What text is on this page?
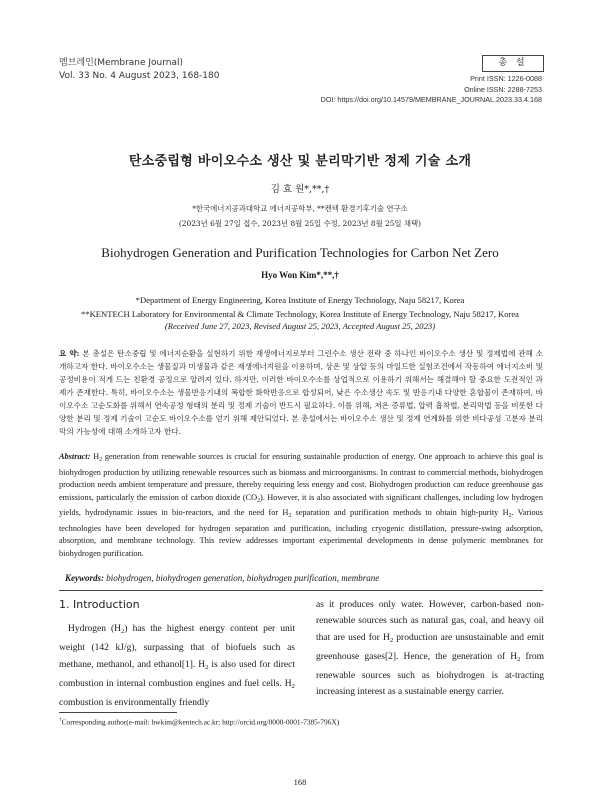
멤브레인(Membrane Journal)
Vol. 33 No. 4 August 2023, 168-180
총 설
Print ISSN: 1226-0088
Online ISSN: 2288-7253
DOI: https://doi.org/10.14579/MEMBRANE_JOURNAL.2023.33.4.168
탄소중립형 바이오수소 생산 및 분리막기반 정제 기술 소개
김 효 원*,**,†
*한국에너지공과대학교 에너지공학부, **켄텍 환경기후기술 연구소
(2023년 6월 27일 접수, 2023년 8월 25일 수정, 2023년 8월 25일 채택)
Biohydrogen Generation and Purification Technologies for Carbon Net Zero
Hyo Won Kim*,**,†
*Department of Energy Engineering, Korea Institute of Energy Technology, Naju 58217, Korea
**KENTECH Laboratory for Environmental & Climate Technology, Korea Institute of Energy Technology, Naju 58217, Korea
(Received June 27, 2023, Revised August 25, 2023, Accepted August 25, 2023)
요 약: 본 총설은 탄소중립 및 에너지순환을 실현하기 위한 재생에너지로부터 그린수소 생산 전략 중 하나인 바이오수소 생산 및 정제법에 관해 소개하고자 한다. 바이오수소는 생물질과 미생물과 같은 재생에너지원을 이용하며, 상온 및 상압 등의 마일드한 실험조건에서 작동하여 에너지소비 및 공정비용이 적게 드는 친환경 공정으로 알려져 있다. 하지만, 이러한 바이오수소를 상업적으로 이용하기 위해서는 해결해야 할 중요한 도전적인 과제가 존재한다. 특히, 바이오수소는 생물반응기내의 복합한 화학반응으로 합성되어, 낮은 수소생산 속도 및 반응기내 다양한 혼합물이 존재하여, 바이오수소 고순도화를 위해서 연속공정 형태의 분리 및 정제 기술이 반드시 필요하다. 이를 위해, 저온 증류법, 압력 흡착법, 분리막법 등을 비롯한 다양한 분리 및 정제 기술이 고순도 바이오수소를 얻기 위해 제안되었다. 본 총설에서는 바이오수소 생산 및 정제 연계화를 위한 비다공성 고분자 분리막의 가능성에 대해 소개하고자 한다.
Abstract: $H_2$ generation from renewable sources is crucial for ensuring sustainable production of energy. One approach to achieve this goal is biohydrogen production by utilizing renewable resources such as biomass and microorganisms. In contrast to commercial methods, biohydrogen production needs ambient temperature and pressure, thereby requiring less energy and cost. Biohydrogen production can reduce greenhouse gas emissions, particularly the emission of carbon dioxide $(CO_2)$. However, it is also associated with significant challenges, including low hydrogen yields, hydrodynamic issues in bio-reactors, and the need for $H_2$ separation and purification methods to obtain high-purity $H_2$. Various technologies have been developed for hydrogen separation and purification, including cryogenic distillation, pressure-swing adsorption, absorption, and membrane technology. This review addresses important experimental developments in dense polymeric membranes for biohydrogen purification.
Keywords: biohydrogen, biohydrogen generation, biohydrogen purification, membrane
1. Introduction
Hydrogen $(H_2)$ has the highest energy content per unit weight (142 kJ/g), surpassing that of biofuels such as methane, methanol, and ethanol[1]. $H_2$ is also used for direct combustion in internal combustion engines and fuel cells. $H_2$ combustion is environmentally friendly
as it produces only water. However, carbon-based non-renewable sources such as natural gas, coal, and heavy oil that are used for $H_2$ production are unsustainable and emit greenhouse gases[2]. Hence, the generation of $H_2$ from renewable sources such as biohydrogen is at-tracting increasing interest as a sustainable energy carrier.
†Corresponding author(e-mail: hwkim@kentech.ac.kr; http://orcid.org/0000-0001-7385-796X)
168
